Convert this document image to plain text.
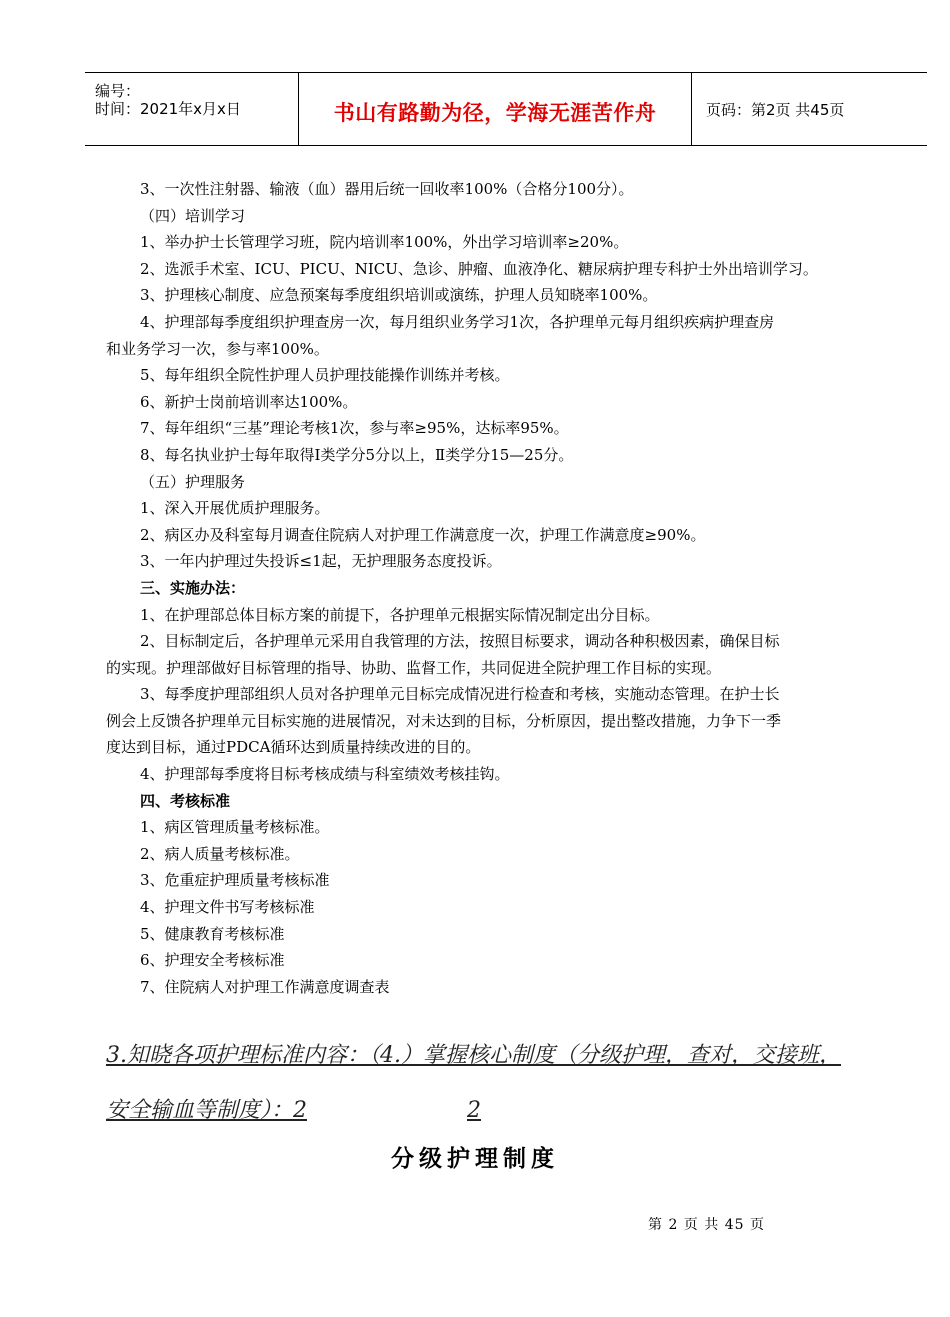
编号：
时间：2021年x月x日	书山有路勤为径，学海无涯苦作舟	页码：第2页 共45页

3、一次性注射器、输液（血）器用后统一回收率100%（合格分100分）。

（四）培训学习

1、举办护士长管理学习班，院内培训率100%，外出学习培训率≥20%。

2、选派手术室、ICU、PICU、NICU、急诊、肿瘤、血液净化、糖尿病护理专科护士外出培训学习。

3、护理核心制度、应急预案每季度组织培训或演练，护理人员知晓率100%。

4、护理部每季度组织护理查房一次，每月组织业务学习1次，各护理单元每月组织疾病护理查房

和业务学习一次，参与率100%。

5、每年组织全院性护理人员护理技能操作训练并考核。

6、新护士岗前培训率达100%。

7、每年组织“三基”理论考核1次，参与率≥95%，达标率95%。

8、每名执业护士每年取得Ⅰ类学分5分以上，Ⅱ类学分15—25分。

（五）护理服务

1、深入开展优质护理服务。

2、病区办及科室每月调查住院病人对护理工作满意度一次，护理工作满意度≥90%。

3、一年内护理过失投诉≤1起，无护理服务态度投诉。

三、实施办法：

1、在护理部总体目标方案的前提下，各护理单元根据实际情况制定出分目标。

2、目标制定后，各护理单元采用自我管理的方法，按照目标要求，调动各种积极因素，确保目标

的实现。护理部做好目标管理的指导、协助、监督工作，共同促进全院护理工作目标的实现。

3、每季度护理部组织人员对各护理单元目标完成情况进行检查和考核，实施动态管理。在护士长

例会上反馈各护理单元目标实施的进展情况，对未达到的目标，分析原因，提出整改措施，力争下一季

度达到目标，通过PDCA循环达到质量持续改进的目的。

4、护理部每季度将目标考核成绩与科室绩效考核挂钩。

四、考核标准

1、病区管理质量考核标准。

2、病人质量考核标准。

3、危重症护理质量考核标准

4、护理文件书写考核标准

5、健康教育考核标准

6、护理安全考核标准

7、住院病人对护理工作满意度调查表

3.知晓各项护理标准内容：（4.）掌握核心制度（分级护理，查对，交接班，

安全输血等制度）：2	2

分级护理制度
第 2 页 共 45 页
